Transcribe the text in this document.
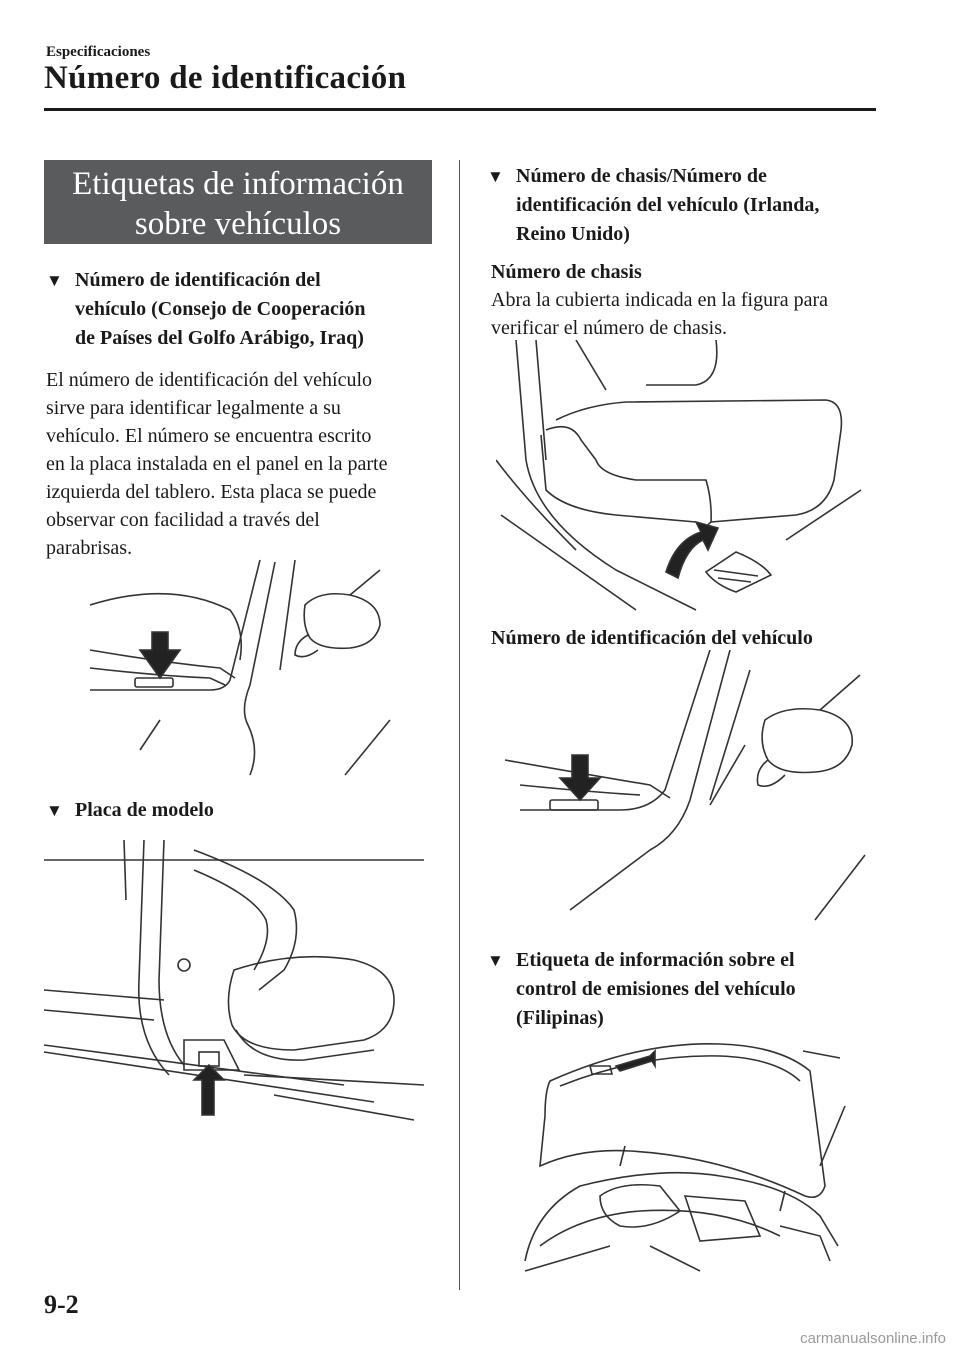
Especificaciones
Número de identificación
Etiquetas de información
sobre vehículos
▼ Número de identificación del
vehículo (Consejo de Cooperación
de Países del Golfo Arábigo, Iraq)
El número de identificación del vehículo
sirve para identificar legalmente a su
vehículo. El número se encuentra escrito
en la placa instalada en el panel en la parte
izquierda del tablero. Esta placa se puede
observar con facilidad a través del
parabrisas.
▼ Placa de modelo
▼ Número de chasis/Número de
identificación del vehículo (Irlanda,
Reino Unido)
Número de chasis
Abra la cubierta indicada en la figura para
verificar el número de chasis.
Número de identificación del vehículo
▼ Etiqueta de información sobre el
control de emisiones del vehículo
(Filipinas)
9-2
carmanualsonline.info
